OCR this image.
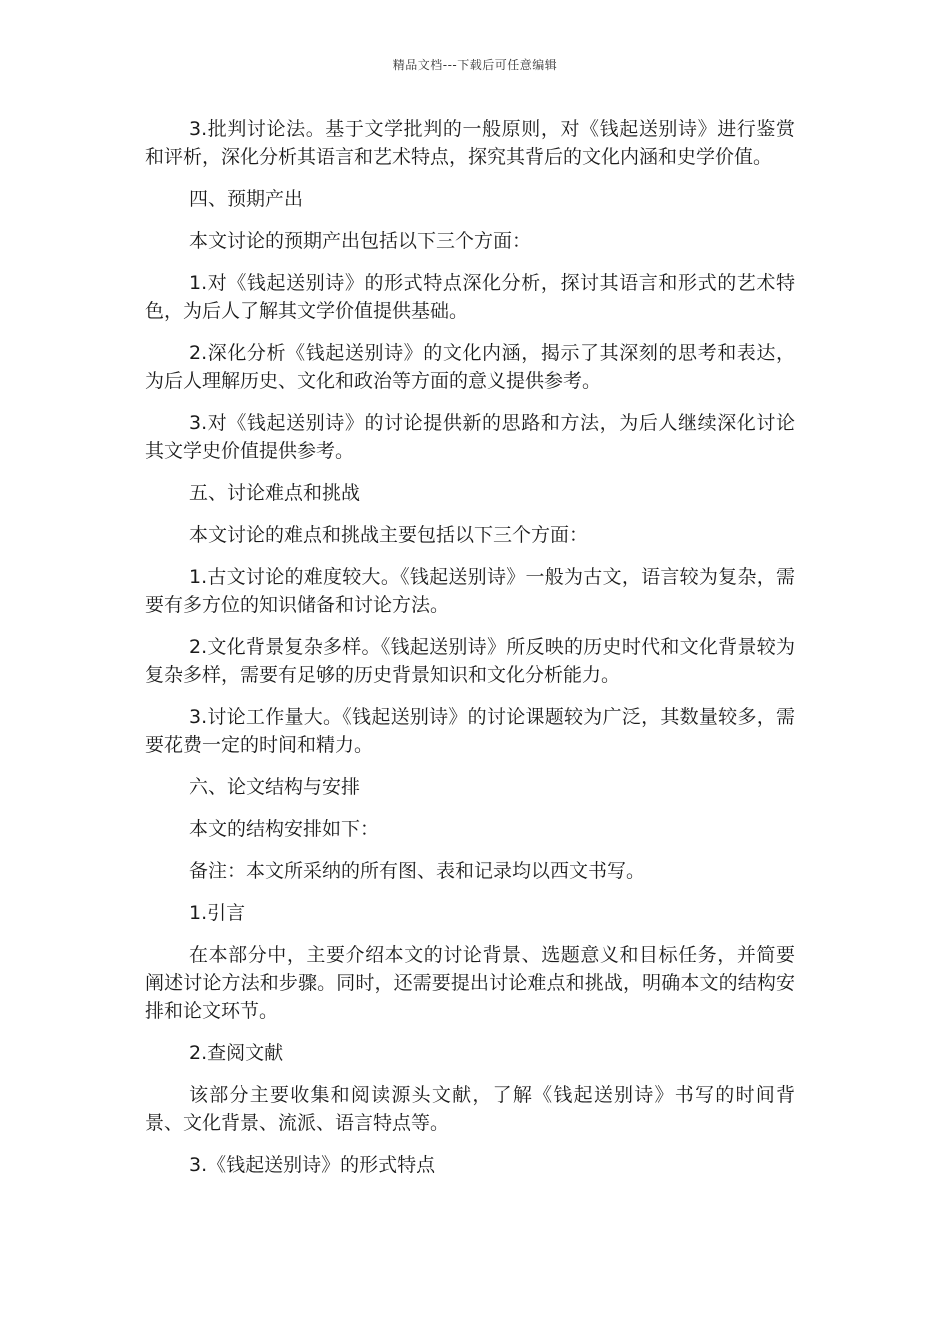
精品文档---下载后可任意编辑

3.批判讨论法。基于文学批判的一般原则，对《钱起送别诗》进行鉴赏和评析，深化分析其语言和艺术特点，探究其背后的文化内涵和史学价值。

四、预期产出

本文讨论的预期产出包括以下三个方面：

1.对《钱起送别诗》的形式特点深化分析，探讨其语言和形式的艺术特色，为后人了解其文学价值提供基础。

2.深化分析《钱起送别诗》的文化内涵，揭示了其深刻的思考和表达，为后人理解历史、文化和政治等方面的意义提供参考。

3.对《钱起送别诗》的讨论提供新的思路和方法，为后人继续深化讨论其文学史价值提供参考。

五、讨论难点和挑战

本文讨论的难点和挑战主要包括以下三个方面：

1.古文讨论的难度较大。《钱起送别诗》一般为古文，语言较为复杂，需要有多方位的知识储备和讨论方法。

2.文化背景复杂多样。《钱起送别诗》所反映的历史时代和文化背景较为复杂多样，需要有足够的历史背景知识和文化分析能力。

3.讨论工作量大。《钱起送别诗》的讨论课题较为广泛，其数量较多，需要花费一定的时间和精力。

六、论文结构与安排

本文的结构安排如下：

备注：本文所采纳的所有图、表和记录均以西文书写。

1.引言

在本部分中，主要介绍本文的讨论背景、选题意义和目标任务，并简要阐述讨论方法和步骤。同时，还需要提出讨论难点和挑战，明确本文的结构安排和论文环节。

2.查阅文献

该部分主要收集和阅读源头文献，了解《钱起送别诗》书写的时间背景、文化背景、流派、语言特点等。

3.《钱起送别诗》的形式特点
